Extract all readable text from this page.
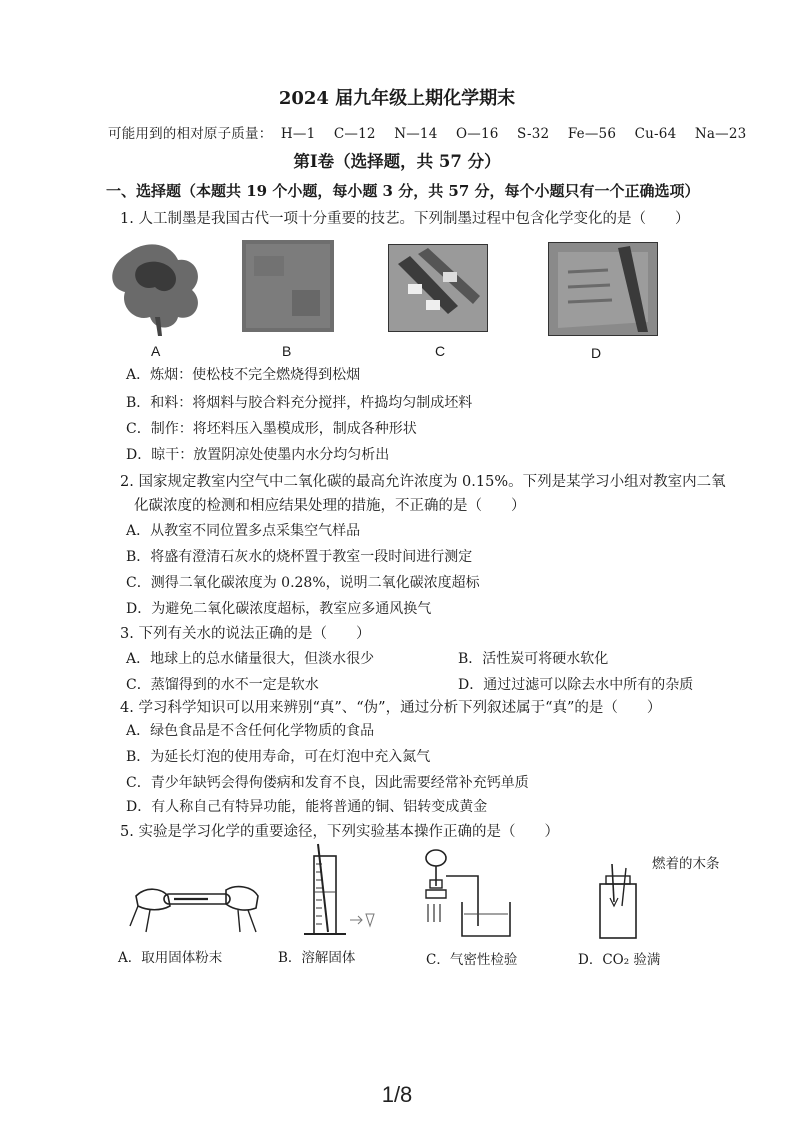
2024 届九年级上期化学期末
可能用到的相对原子质量： H—1 C—12 N—14 O—16 S-32 Fe—56 Cu-64 Na—23
第Ⅰ卷（选择题，共 57 分）
一、选择题（本题共 19 个小题，每小题 3 分，共 57 分，每个小题只有一个正确选项）
1. 人工制墨是我国古代一项十分重要的技艺。下列制墨过程中包含化学变化的是（　　）
A	B	C	D
A．炼烟：使松枝不完全燃烧得到松烟
B．和料：将烟料与胶合料充分搅拌，杵捣均匀制成坯料
C．制作：将坯料压入墨模成形，制成各种形状
D．晾干：放置阴凉处使墨内水分均匀析出
2. 国家规定教室内空气中二氧化碳的最高允许浓度为 0.15%。下列是某学习小组对教室内二氧
化碳浓度的检测和相应结果处理的措施，不正确的是（　　）
A．从教室不同位置多点采集空气样品
B．将盛有澄清石灰水的烧杯置于教室一段时间进行测定
C．测得二氧化碳浓度为 0.28%，说明二氧化碳浓度超标
D．为避免二氧化碳浓度超标，教室应多通风换气
3. 下列有关水的说法正确的是（　　）
A．地球上的总水储量很大，但淡水很少	B．活性炭可将硬水软化
C．蒸馏得到的水不一定是软水	D．通过过滤可以除去水中所有的杂质
4. 学习科学知识可以用来辨别“真”、“伪”，通过分析下列叙述属于“真”的是（　　）
A．绿色食品是不含任何化学物质的食品
B．为延长灯泡的使用寿命，可在灯泡中充入氮气
C．青少年缺钙会得佝偻病和发育不良，因此需要经常补充钙单质
D．有人称自己有特异功能，能将普通的铜、铝转变成黄金
5. 实验是学习化学的重要途径，下列实验基本操作正确的是（　　）
燃着的木条
A．取用固体粉末	B．溶解固体	C．气密性检验	D．CO₂ 验满
1/8
